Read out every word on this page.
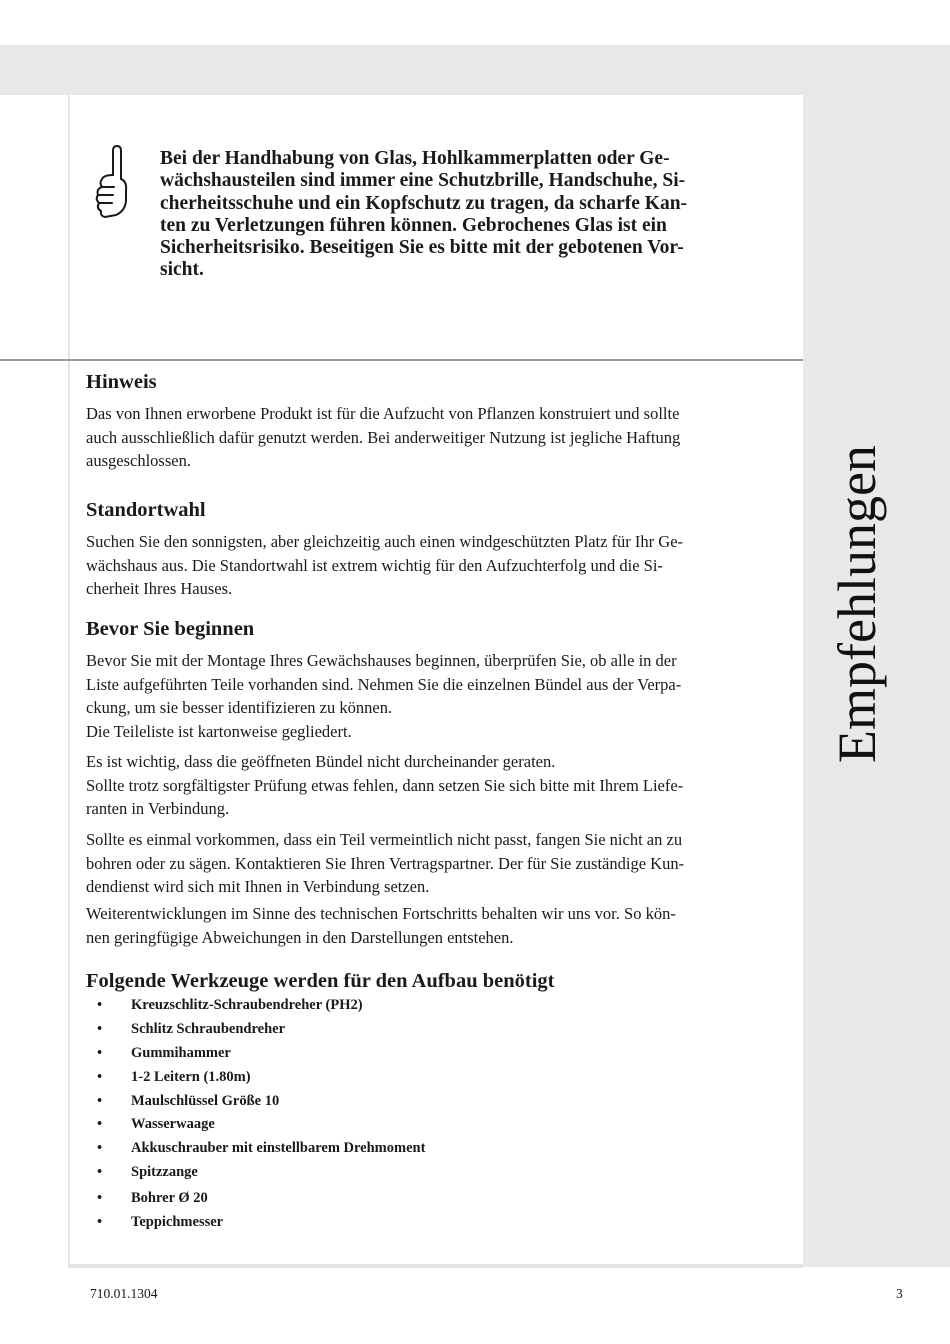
Bei der Handhabung von Glas, Hohlkammerplatten oder Ge-
wächshausteilen sind immer eine Schutzbrille, Handschuhe, Si-
cherheitsschuhe und ein Kopfschutz zu tragen, da scharfe Kan-
ten zu Verletzungen führen können. Gebrochenes Glas ist ein
Sicherheitsrisiko. Beseitigen Sie es bitte mit der gebotenen Vor-
sicht.
Hinweis
Das von Ihnen erworbene Produkt ist für die Aufzucht von Pflanzen konstruiert und sollte
auch ausschließlich dafür genutzt werden. Bei anderweitiger Nutzung ist jegliche Haftung
ausgeschlossen.
Standortwahl
Suchen Sie den sonnigsten, aber gleichzeitig auch einen windgeschützten Platz für Ihr Ge-
wächshaus aus. Die Standortwahl ist extrem wichtig für den Aufzuchterfolg und die Si-
cherheit Ihres Hauses.
Bevor Sie beginnen
Bevor Sie mit der Montage Ihres Gewächshauses beginnen, überprüfen Sie, ob alle in der
Liste aufgeführten Teile vorhanden sind. Nehmen Sie die einzelnen Bündel aus der Verpa-
ckung, um sie besser identifizieren zu können.
Die Teileliste ist kartonweise gegliedert.
Es ist wichtig, dass die geöffneten Bündel nicht durcheinander geraten.
Sollte trotz sorgfältigster Prüfung etwas fehlen, dann setzen Sie sich bitte mit Ihrem Liefe-
ranten in Verbindung.
Sollte es einmal vorkommen, dass ein Teil vermeintlich nicht passt, fangen Sie nicht an zu
bohren oder zu sägen. Kontaktieren Sie Ihren Vertragspartner. Der für Sie zuständige Kun-
dendienst wird sich mit Ihnen in Verbindung setzen.
Weiterentwicklungen im Sinne des technischen Fortschritts behalten wir uns vor. So kön-
nen geringfügige Abweichungen in den Darstellungen entstehen.
Folgende Werkzeuge werden für den Aufbau benötigt
• Kreuzschlitz-Schraubendreher (PH2)
• Schlitz Schraubendreher
• Gummihammer
• 1-2 Leitern (1.80m)
• Maulschlüssel Größe 10
• Wasserwaage
• Akkuschrauber mit einstellbarem Drehmoment
• Spitzzange
• Bohrer Ø 20
• Teppichmesser
Empfehlungen
710.01.1304	3
